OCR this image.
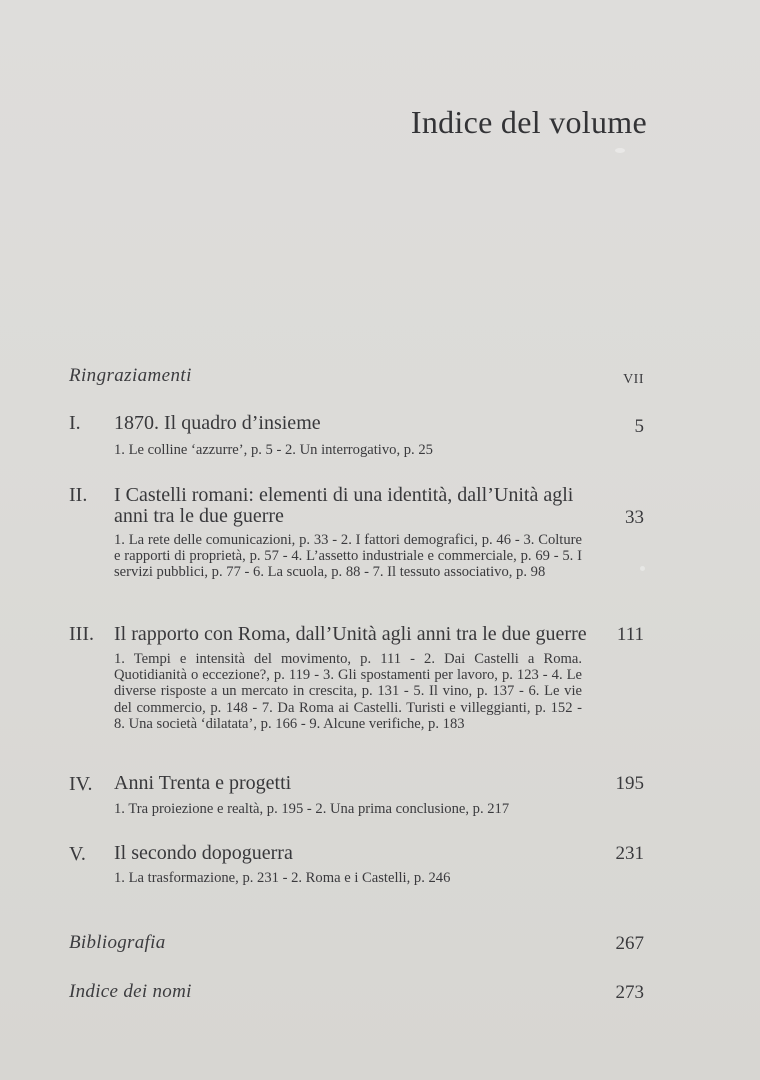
Indice del volume
Ringraziamenti	VII
I. 1870. Il quadro d’insieme	5
1. Le colline ‘azzurre’, p. 5 - 2. Un interrogativo, p. 25
II. I Castelli romani: elementi di una identità, dall’Unità agli anni tra le due guerre	33
1. La rete delle comunicazioni, p. 33 - 2. I fattori demografici, p. 46 - 3. Colture e rapporti di proprietà, p. 57 - 4. L’assetto industriale e commerciale, p. 69 - 5. I servizi pubblici, p. 77 - 6. La scuola, p. 88 - 7. Il tessuto associativo, p. 98
III. Il rapporto con Roma, dall’Unità agli anni tra le due guerre	111
1. Tempi e intensità del movimento, p. 111 - 2. Dai Castelli a Roma. Quotidianità o eccezione?, p. 119 - 3. Gli spostamenti per lavoro, p. 123 - 4. Le diverse risposte a un mercato in crescita, p. 131 - 5. Il vino, p. 137 - 6. Le vie del commercio, p. 148 - 7. Da Roma ai Castelli. Turisti e villeggianti, p. 152 - 8. Una società ‘dilatata’, p. 166 - 9. Alcune verifiche, p. 183
IV. Anni Trenta e progetti	195
1. Tra proiezione e realtà, p. 195 - 2. Una prima conclusione, p. 217
V. Il secondo dopoguerra	231
1. La trasformazione, p. 231 - 2. Roma e i Castelli, p. 246
Bibliografia	267
Indice dei nomi	273
